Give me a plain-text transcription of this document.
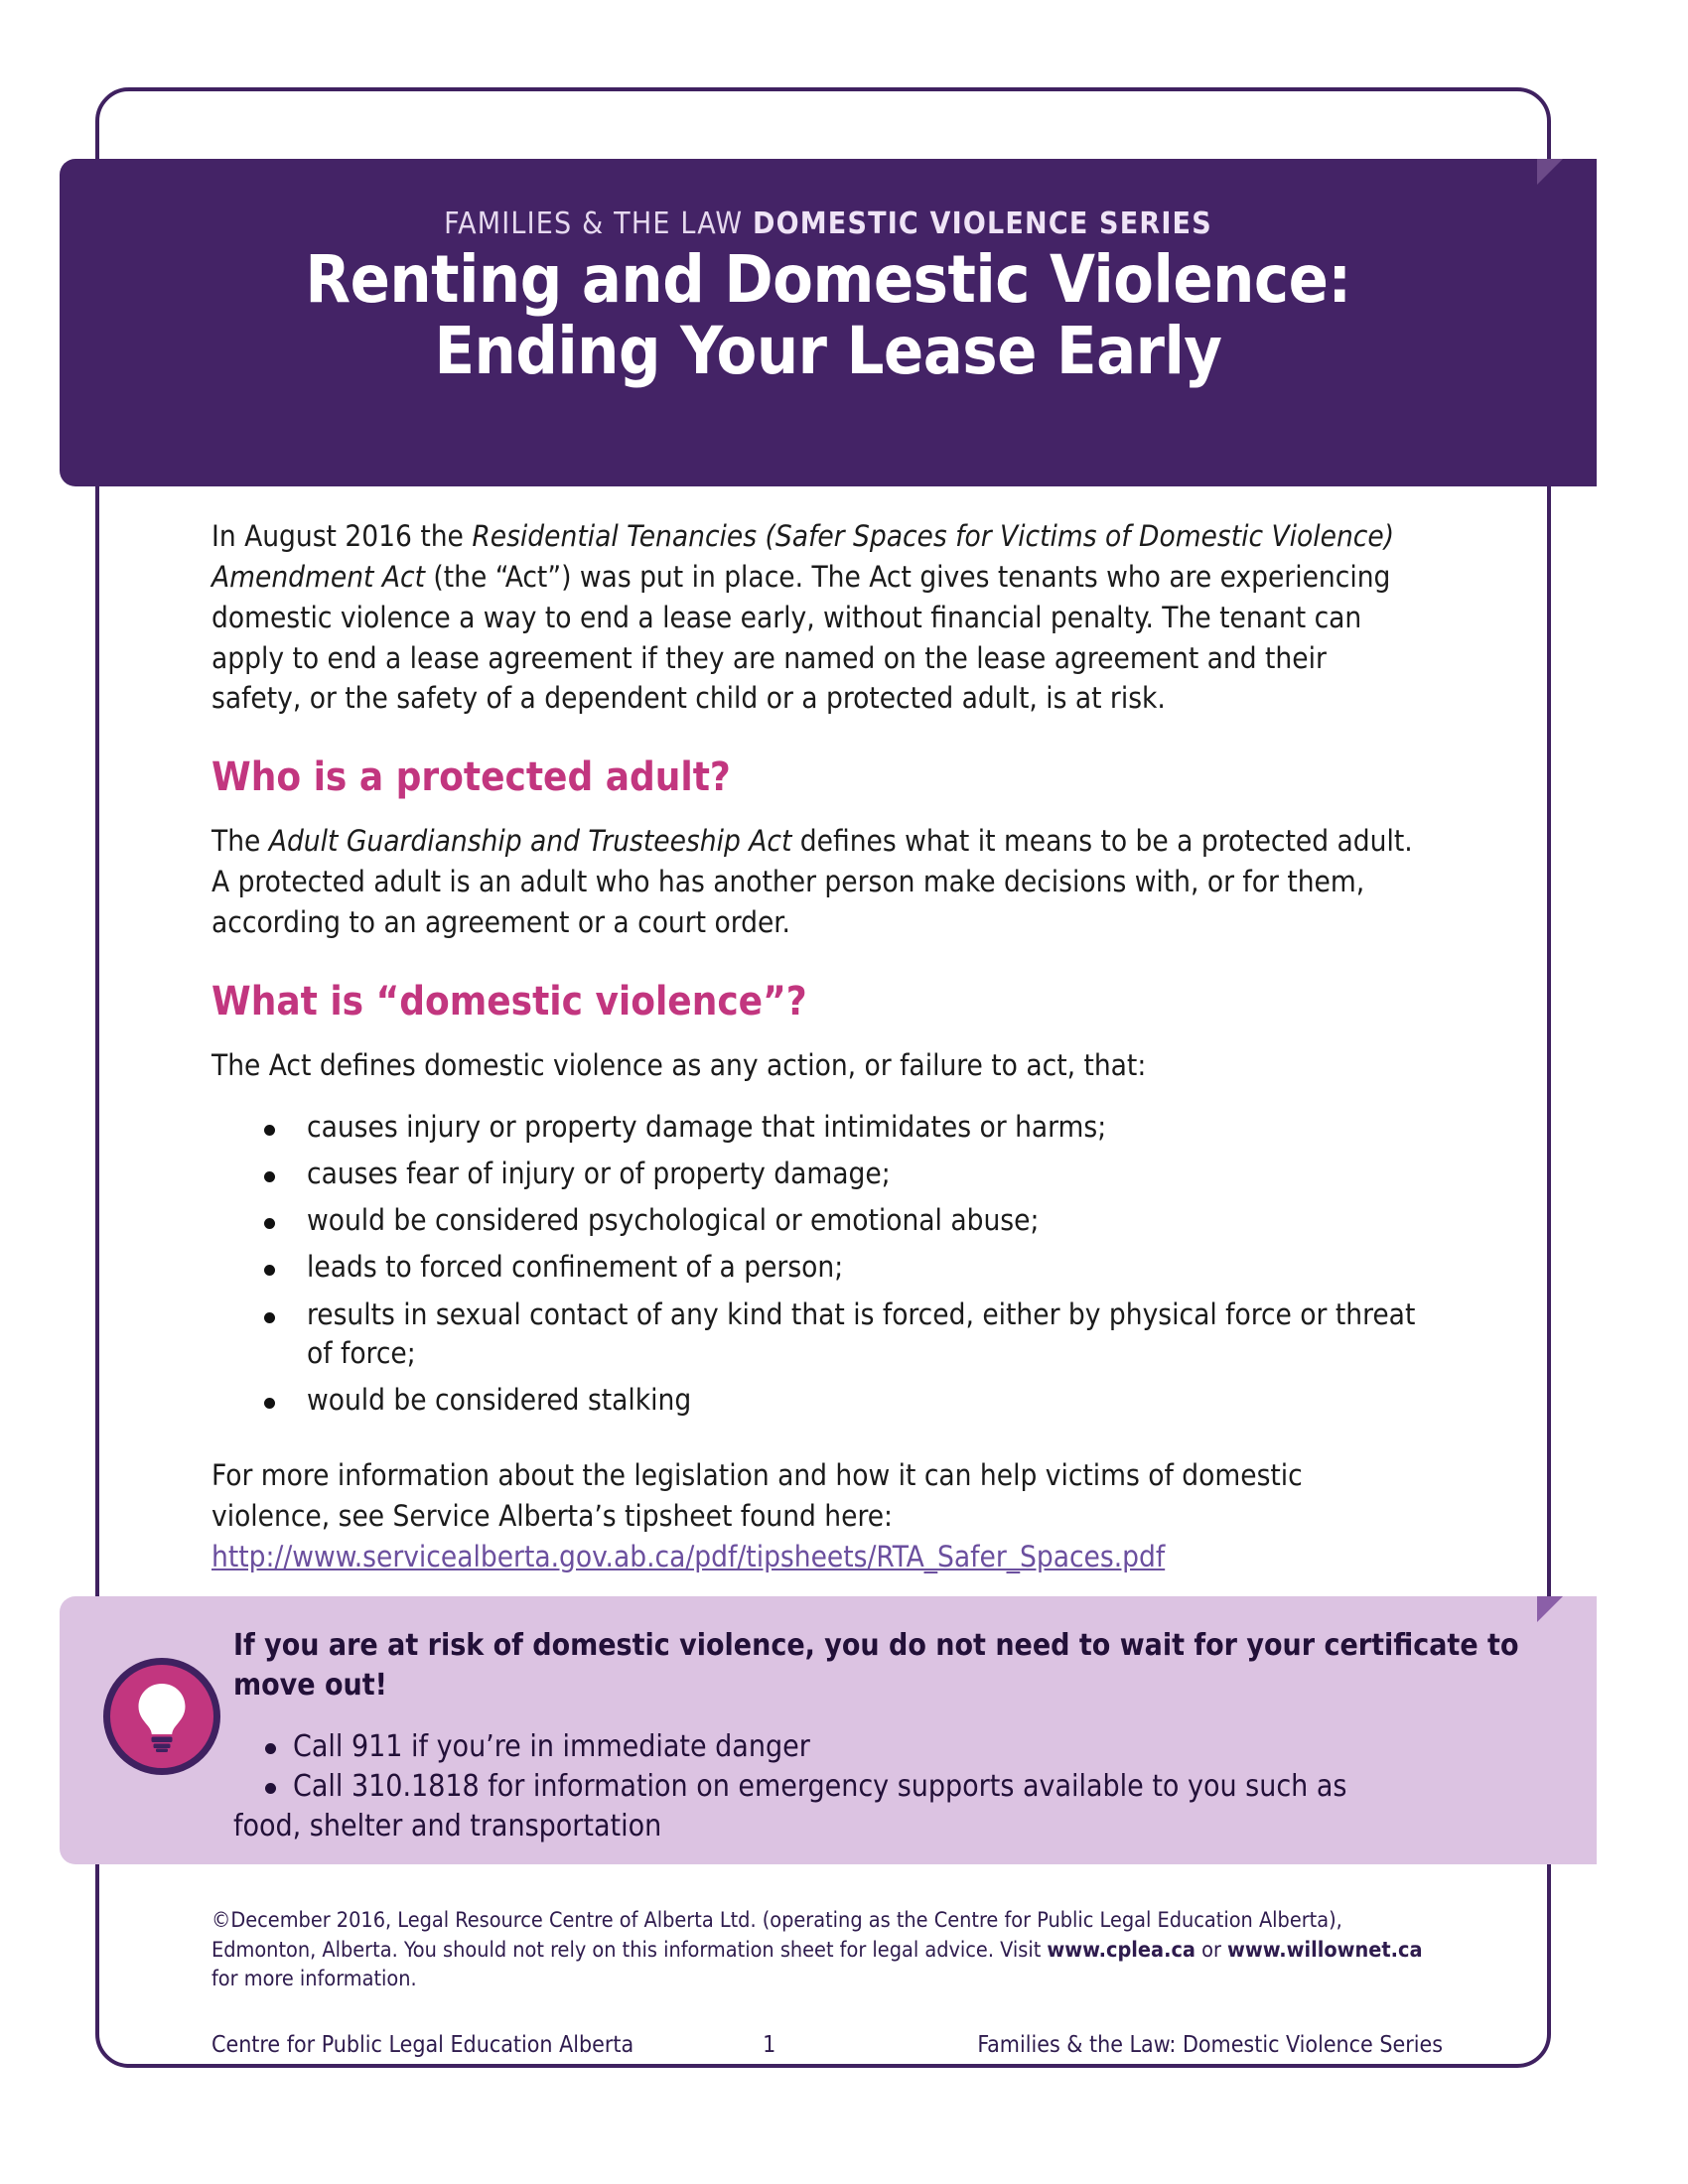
FAMILIES & THE LAW DOMESTIC VIOLENCE SERIES
Renting and Domestic Violence:
Ending Your Lease Early

In August 2016 the Residential Tenancies (Safer Spaces for Victims of Domestic Violence) Amendment Act (the “Act”) was put in place. The Act gives tenants who are experiencing domestic violence a way to end a lease early, without financial penalty. The tenant can apply to end a lease agreement if they are named on the lease agreement and their safety, or the safety of a dependent child or a protected adult, is at risk.

Who is a protected adult?

The Adult Guardianship and Trusteeship Act defines what it means to be a protected adult. A protected adult is an adult who has another person make decisions with, or for them, according to an agreement or a court order.

What is “domestic violence”?

The Act defines domestic violence as any action, or failure to act, that:

causes injury or property damage that intimidates or harms;
causes fear of injury or of property damage;
would be considered psychological or emotional abuse;
leads to forced confinement of a person;
results in sexual contact of any kind that is forced, either by physical force or threat of force;
would be considered stalking

For more information about the legislation and how it can help victims of domestic violence, see Service Alberta’s tipsheet found here:

http://www.servicealberta.gov.ab.ca/pdf/tipsheets/RTA_Safer_Spaces.pdf

If you are at risk of domestic violence, you do not need to wait for your certificate to move out!

Call 911 if you’re in immediate danger
Call 310.1818 for information on emergency supports available to you such as
food, shelter and transportation

©December 2016, Legal Resource Centre of Alberta Ltd. (operating as the Centre for Public Legal Education Alberta), Edmonton, Alberta. You should not rely on this information sheet for legal advice. Visit www.cplea.ca or www.willownet.ca for more information.

Centre for Public Legal Education Alberta	1	Families & the Law: Domestic Violence Series
